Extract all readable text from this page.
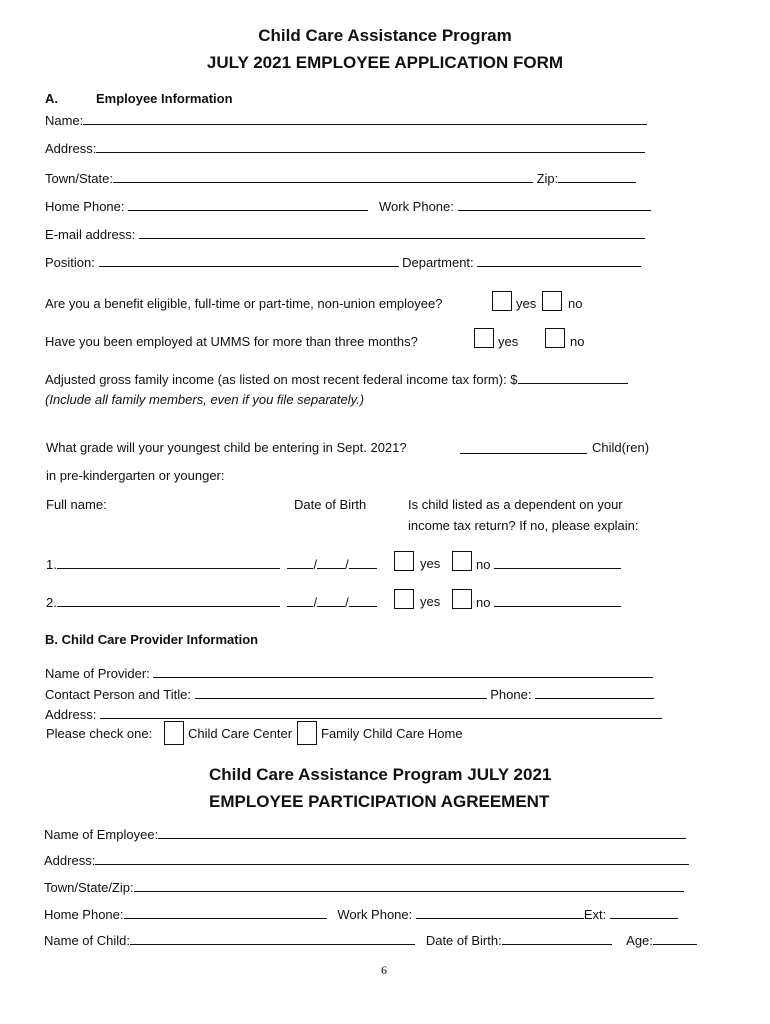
Child Care Assistance Program
JULY 2021 EMPLOYEE APPLICATION FORM
A.	Employee Information
Name:
Address:
Town/State:	Zip:
Home Phone:	Work Phone:
E-mail address:
Position:	Department:
Are you a benefit eligible, full-time or part-time, non-union employee?	yes no
Have you been employed at UMMS for more than three months?	yes	no
Adjusted gross family income (as listed on most recent federal income tax form): $
(Include all family members, even if you file separately.)
What grade will your youngest child be entering in Sept. 2021?	Child(ren)
in pre-kindergarten or younger:
Full name:	Date of Birth	Is child listed as a dependent on your
income tax return? If no, please explain:
1.	/ /	yes	no
2.	/ /	yes	no
B. Child Care Provider Information
Name of Provider:
Contact Person and Title:	Phone:
Address:
Please check one:	Child Care Center Family Child Care Home
Child Care Assistance Program JULY 2021
EMPLOYEE PARTICIPATION AGREEMENT
Name of Employee:
Address:
Town/State/Zip:
Home Phone:	Work Phone:	Ext:
Name of Child:	Date of Birth:	Age:
6
